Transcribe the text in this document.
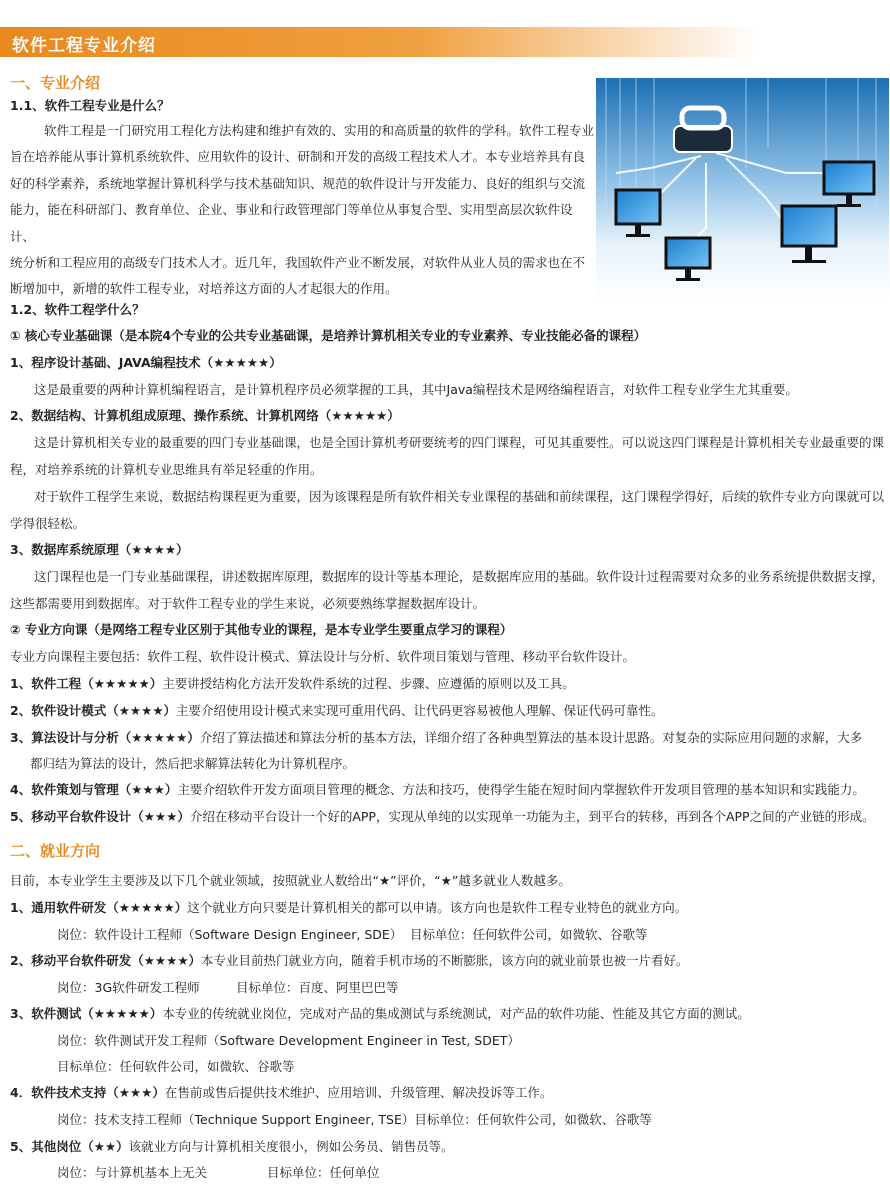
软件工程专业介绍
一、专业介绍
1.1、软件工程专业是什么？
软件工程是一门研究用工程化方法构建和维护有效的、实用的和高质量的软件的学科。软件工程专业
旨在培养能从事计算机系统软件、应用软件的设计、研制和开发的高级工程技术人才。本专业培养具有良
好的科学素养，系统地掌握计算机科学与技术基础知识、规范的软件设计与开发能力、良好的组织与交流
能力，能在科研部门、教育单位、企业、事业和行政管理部门等单位从事复合型、实用型高层次软件设计、
统分析和工程应用的高级专门技术人才。近几年，我国软件产业不断发展，对软件从业人员的需求也在不
断增加中，新增的软件工程专业，对培养这方面的人才起很大的作用。
1.2、软件工程学什么？
① 核心专业基础课（是本院4个专业的公共专业基础课，是培养计算机相关专业的专业素养、专业技能必备的课程）
1、程序设计基础、JAVA编程技术（★★★★★）
这是最重要的两种计算机编程语言，是计算机程序员必须掌握的工具，其中Java编程技术是网络编程语言，对软件工程专业学生尤其重要。
2、数据结构、计算机组成原理、操作系统、计算机网络（★★★★★）
这是计算机相关专业的最重要的四门专业基础课，也是全国计算机考研要统考的四门课程，可见其重要性。可以说这四门课程是计算机相关专业最重要的课
程，对培养系统的计算机专业思维具有举足轻重的作用。
对于软件工程学生来说，数据结构课程更为重要，因为该课程是所有软件相关专业课程的基础和前续课程，这门课程学得好，后续的软件专业方向课就可以
学得很轻松。
3、数据库系统原理（★★★★）
这门课程也是一门专业基础课程，讲述数据库原理，数据库的设计等基本理论，是数据库应用的基础。软件设计过程需要对众多的业务系统提供数据支撑，
这些都需要用到数据库。对于软件工程专业的学生来说，必须要熟练掌握数据库设计。
② 专业方向课（是网络工程专业区别于其他专业的课程，是本专业学生要重点学习的课程）
专业方向课程主要包括：软件工程、软件设计模式、算法设计与分析、软件项目策划与管理、移动平台软件设计。
1、软件工程（★★★★★）主要讲授结构化方法开发软件系统的过程、步骤、应遵循的原则以及工具。
2、软件设计模式（★★★★）主要介绍使用设计模式来实现可重用代码、让代码更容易被他人理解、保证代码可靠性。
3、算法设计与分析（★★★★★）介绍了算法描述和算法分析的基本方法，详细介绍了各种典型算法的基本设计思路。对复杂的实际应用问题的求解，大多
都归结为算法的设计，然后把求解算法转化为计算机程序。
4、软件策划与管理（★★★）主要介绍软件开发方面项目管理的概念、方法和技巧，使得学生能在短时间内掌握软件开发项目管理的基本知识和实践能力。
5、移动平台软件设计（★★★）介绍在移动平台设计一个好的APP，实现从单纯的以实现单一功能为主，到平台的转移，再到各个APP之间的产业链的形成。
二、就业方向
目前，本专业学生主要涉及以下几个就业领域，按照就业人数给出“★”评价，“★”越多就业人数越多。
1、通用软件研发（★★★★★）这个就业方向只要是计算机相关的都可以申请。该方向也是软件工程专业特色的就业方向。
岗位：软件设计工程师（Software Design Engineer, SDE） 目标单位：任何软件公司，如微软、谷歌等
2、移动平台软件研发（★★★★）本专业目前热门就业方向，随着手机市场的不断膨胀，该方向的就业前景也被一片看好。
岗位：3G软件研发工程师	目标单位：百度、阿里巴巴等
3、软件测试（★★★★★）本专业的传统就业岗位，完成对产品的集成测试与系统测试，对产品的软件功能、性能及其它方面的测试。
岗位：软件测试开发工程师（Software Development Engineer in Test, SDET）
目标单位：任何软件公司，如微软、谷歌等
4．软件技术支持（★★★）在售前或售后提供技术维护、应用培训、升级管理、解决投诉等工作。
岗位：技术支持工程师（Technique Support Engineer, TSE）目标单位：任何软件公司，如微软、谷歌等
5、其他岗位（★★）该就业方向与计算机相关度很小，例如公务员、销售员等。
岗位：与计算机基本上无关	目标单位：任何单位
